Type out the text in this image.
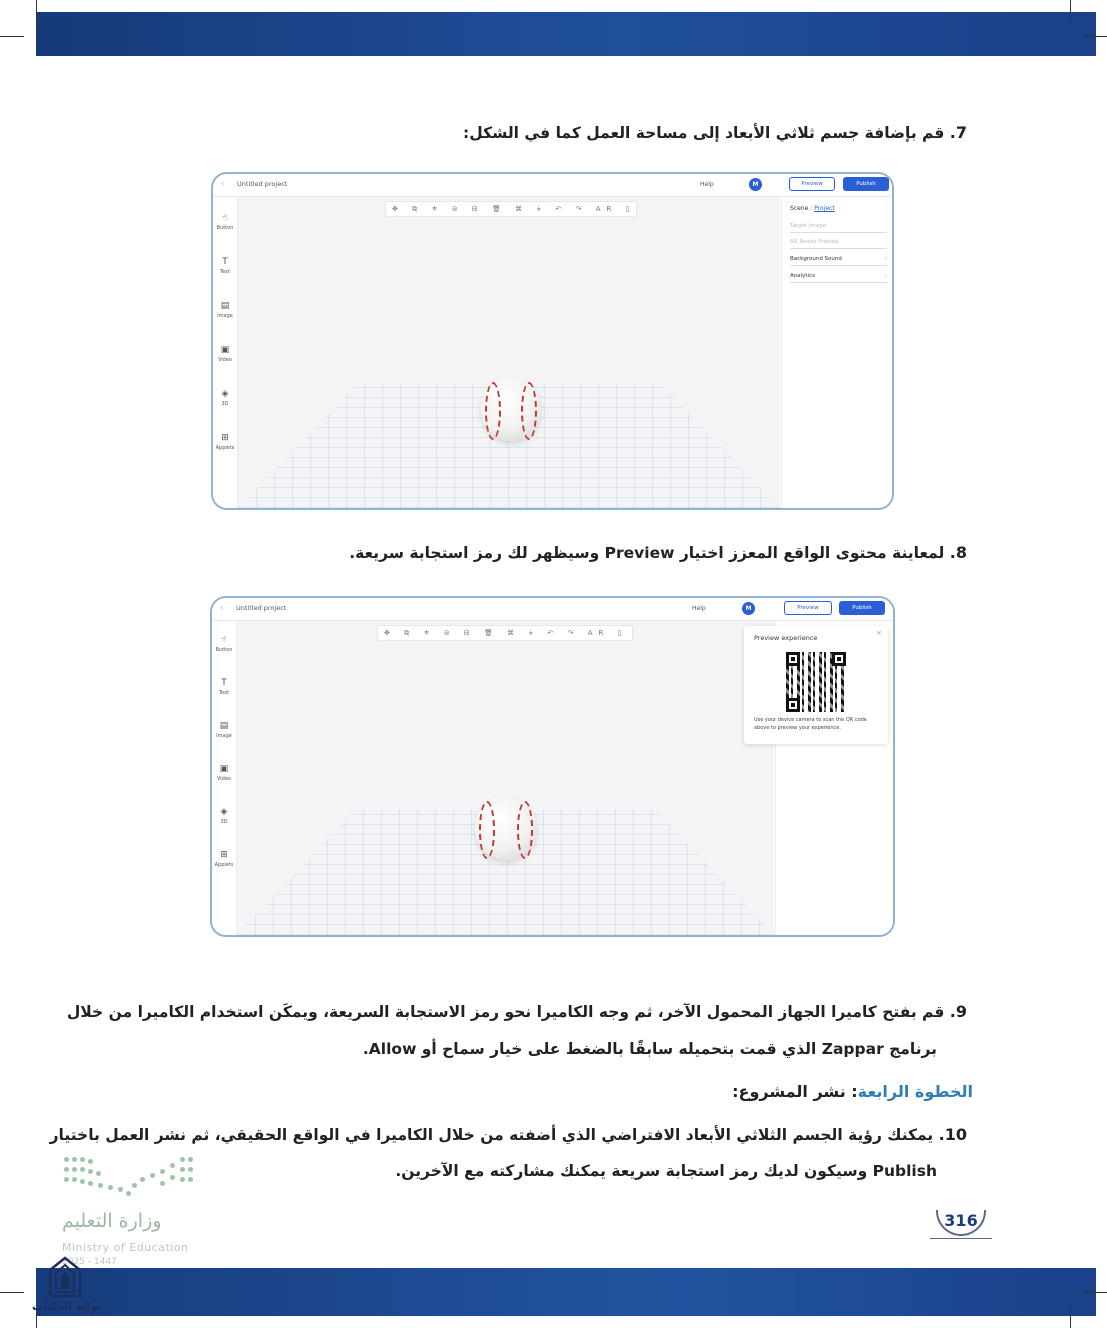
7. قم بإضافة جسم ثلاثي الأبعاد إلى مساحة العمل كما في الشكل:
‹ Untitled project	Help	M	Preview	Publish
☝
Button
T
Text
▤
Image
▣
Video
◈
3D
⊞
Applets
✥ ⧉ ⚜ ⊜ ⊟ 🗑 ⌘ ⏚ ↶ ↷ AR ▯	Scene / Project
Target Image
AR Ready Preload
Background Sound	›
Analytics	›
8. لمعاينة محتوى الواقع المعزز اختيار Preview وسيظهر لك رمز استجابة سريعة.
‹ Untitled project	Help	M	Preview	Publish
☝
Button
T
Text
▤
Image
▣
Video
◈
3D
⊞
Applets
✥ ⧉ ⚜ ⊜ ⊟ 🗑 ⌘ ⏚ ↶ ↷ AR ▯
Preview experience
×
Use your device camera to scan the QR code above to preview your experience.
9. قم بفتح كاميرا الجهاز المحمول الآخر، ثم وجه الكاميرا نحو رمز الاستجابة السريعة، ويمكَن استخدام الكاميرا من خلال
برنامج Zappar الذي قمت بتحميله سابقًا بالضغط على خيار سماح أو Allow.
الخطوة الرابعة: نشر المشروع:
10. يمكنك رؤية الجسم الثلاثي الأبعاد الافتراضي الذي أضفته من خلال الكاميرا في الواقع الحقيقي، ثم نشر العمل باختيار
Publish وسيكون لديك رمز استجابة سريعة يمكنك مشاركته مع الآخرين.
وزارة التعليم
Ministry of Education
2025 - 1447
بوابة الحلبات
316
